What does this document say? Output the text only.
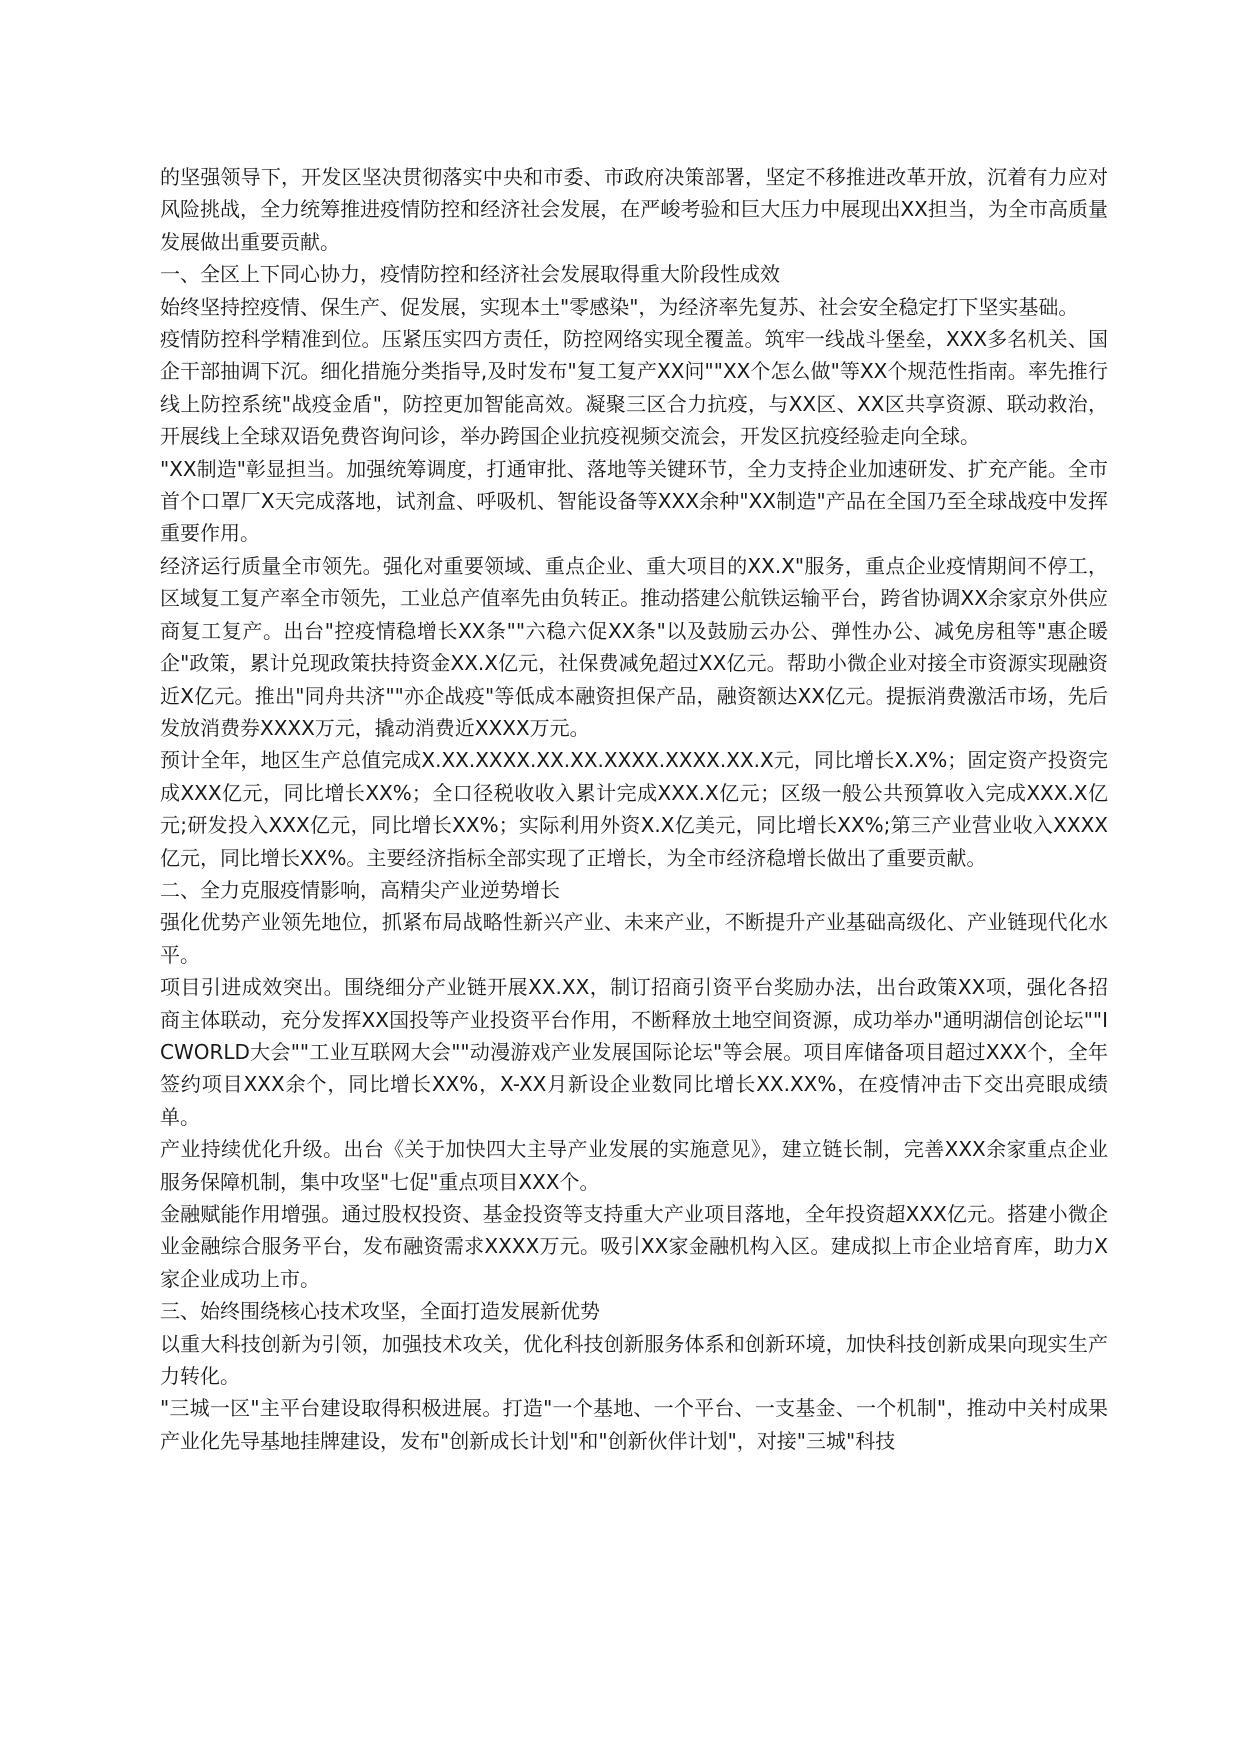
的坚强领导下，开发区坚决贯彻落实中央和市委、市政府决策部署，坚定不移推进改革开放，沉着有力应对风险挑战，全力统筹推进疫情防控和经济社会发展，在严峻考验和巨大压力中展现出XX担当，为全市高质量发展做出重要贡献。

一、全区上下同心协力，疫情防控和经济社会发展取得重大阶段性成效

始终坚持控疫情、保生产、促发展，实现本土"零感染"，为经济率先复苏、社会安全稳定打下坚实基础。

疫情防控科学精准到位。压紧压实四方责任，防控网络实现全覆盖。筑牢一线战斗堡垒，XXX多名机关、国企干部抽调下沉。细化措施分类指导,及时发布"复工复产XX问""XX个怎么做"等XX个规范性指南。率先推行线上防控系统"战疫金盾"，防控更加智能高效。凝聚三区合力抗疫，与XX区、XX区共享资源、联动救治，开展线上全球双语免费咨询问诊，举办跨国企业抗疫视频交流会，开发区抗疫经验走向全球。

"XX制造"彰显担当。加强统筹调度，打通审批、落地等关键环节，全力支持企业加速研发、扩充产能。全市首个口罩厂X天完成落地，试剂盒、呼吸机、智能设备等XXX余种"XX制造"产品在全国乃至全球战疫中发挥重要作用。

经济运行质量全市领先。强化对重要领域、重点企业、重大项目的XX.X"服务，重点企业疫情期间不停工，区域复工复产率全市领先，工业总产值率先由负转正。推动搭建公航铁运输平台，跨省协调XX余家京外供应商复工复产。出台"控疫情稳增长XX条""六稳六促XX条"以及鼓励云办公、弹性办公、减免房租等"惠企暖企"政策，累计兑现政策扶持资金XX.X亿元，社保费减免超过XX亿元。帮助小微企业对接全市资源实现融资近X亿元。推出"同舟共济""亦企战疫"等低成本融资担保产品，融资额达XX亿元。提振消费激活市场，先后发放消费券XXXX万元，撬动消费近XXXX万元。

预计全年，地区生产总值完成X.XX.XXXX.XX.XX.XXXX.XXXX.XX.X元，同比增长X.X%；固定资产投资完成XXX亿元，同比增长XX%；全口径税收收入累计完成XXX.X亿元；区级一般公共预算收入完成XXX.X亿元;研发投入XXX亿元，同比增长XX%；实际利用外资X.X亿美元，同比增长XX%;第三产业营业收入XXXX亿元，同比增长XX%。主要经济指标全部实现了正增长，为全市经济稳增长做出了重要贡献。

二、全力克服疫情影响，高精尖产业逆势增长

强化优势产业领先地位，抓紧布局战略性新兴产业、未来产业，不断提升产业基础高级化、产业链现代化水平。

项目引进成效突出。围绕细分产业链开展XX.XX，制订招商引资平台奖励办法，出台政策XX项，强化各招商主体联动，充分发挥XX国投等产业投资平台作用，不断释放土地空间资源，成功举办"通明湖信创论坛""ICWORLD大会""工业互联网大会""动漫游戏产业发展国际论坛"等会展。项目库储备项目超过XXX个，全年签约项目XXX余个，同比增长XX%，X-XX月新设企业数同比增长XX.XX%，在疫情冲击下交出亮眼成绩单。

产业持续优化升级。出台《关于加快四大主导产业发展的实施意见》，建立链长制，完善XXX余家重点企业服务保障机制，集中攻坚"七促"重点项目XXX个。

金融赋能作用增强。通过股权投资、基金投资等支持重大产业项目落地，全年投资超XXX亿元。搭建小微企业金融综合服务平台，发布融资需求XXXX万元。吸引XX家金融机构入区。建成拟上市企业培育库，助力X家企业成功上市。

三、始终围绕核心技术攻坚，全面打造发展新优势

以重大科技创新为引领，加强技术攻关，优化科技创新服务体系和创新环境，加快科技创新成果向现实生产力转化。

"三城一区"主平台建设取得积极进展。打造"一个基地、一个平台、一支基金、一个机制"，推动中关村成果产业化先导基地挂牌建设，发布"创新成长计划"和"创新伙伴计划"，对接"三城"科技
